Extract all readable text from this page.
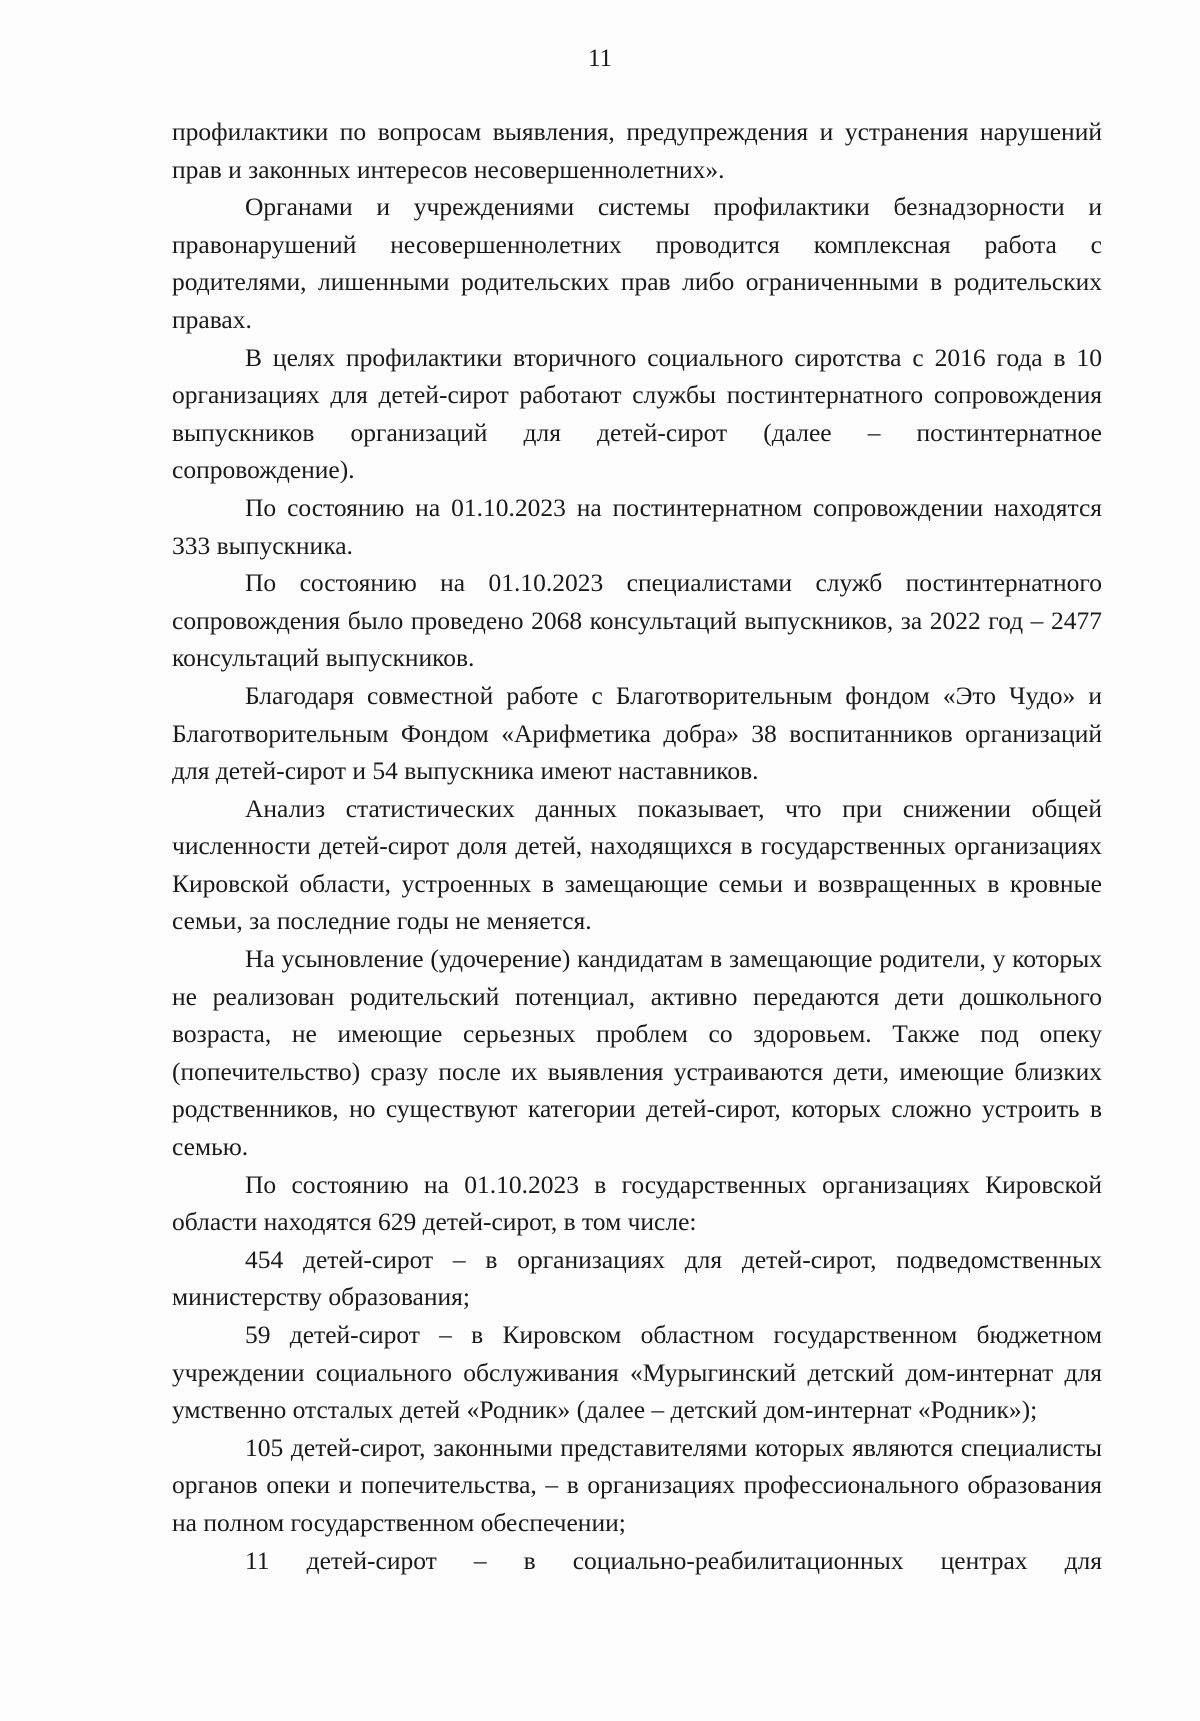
11

профилактики по вопросам выявления, предупреждения и устранения нарушений прав и законных интересов несовершеннолетних».

Органами и учреждениями системы профилактики безнадзорности и правонарушений несовершеннолетних проводится комплексная работа с родителями, лишенными родительских прав либо ограниченными в родительских правах.

В целях профилактики вторичного социального сиротства с 2016 года в 10 организациях для детей-сирот работают службы постинтернатного сопровождения выпускников организаций для детей-сирот (далее – постинтернатное сопровождение).

По состоянию на 01.10.2023 на постинтернатном сопровождении находятся 333 выпускника.

По состоянию на 01.10.2023 специалистами служб постинтернатного сопровождения было проведено 2068 консультаций выпускников, за 2022 год – 2477 консультаций выпускников.

Благодаря совместной работе с Благотворительным фондом «Это Чудо» и Благотворительным Фондом «Арифметика добра» 38 воспитанников организаций для детей-сирот и 54 выпускника имеют наставников.

Анализ статистических данных показывает, что при снижении общей численности детей-сирот доля детей, находящихся в государственных организациях Кировской области, устроенных в замещающие семьи и возвращенных в кровные семьи, за последние годы не меняется.

На усыновление (удочерение) кандидатам в замещающие родители, у которых не реализован родительский потенциал, активно передаются дети дошкольного возраста, не имеющие серьезных проблем со здоровьем. Также под опеку (попечительство) сразу после их выявления устраиваются дети, имеющие близких родственников, но существуют категории детей-сирот, которых сложно устроить в семью.

По состоянию на 01.10.2023 в государственных организациях Кировской области находятся 629 детей-сирот, в том числе:

454 детей-сирот – в организациях для детей-сирот, подведомственных министерству образования;

59 детей-сирот – в Кировском областном государственном бюджетном учреждении социального обслуживания «Мурыгинский детский дом-интернат для умственно отсталых детей «Родник» (далее – детский дом-интернат «Родник»);

105 детей-сирот, законными представителями которых являются специалисты органов опеки и попечительства, – в организациях профессионального образования на полном государственном обеспечении;

11 детей-сирот – в социально-реабилитационных центрах для
